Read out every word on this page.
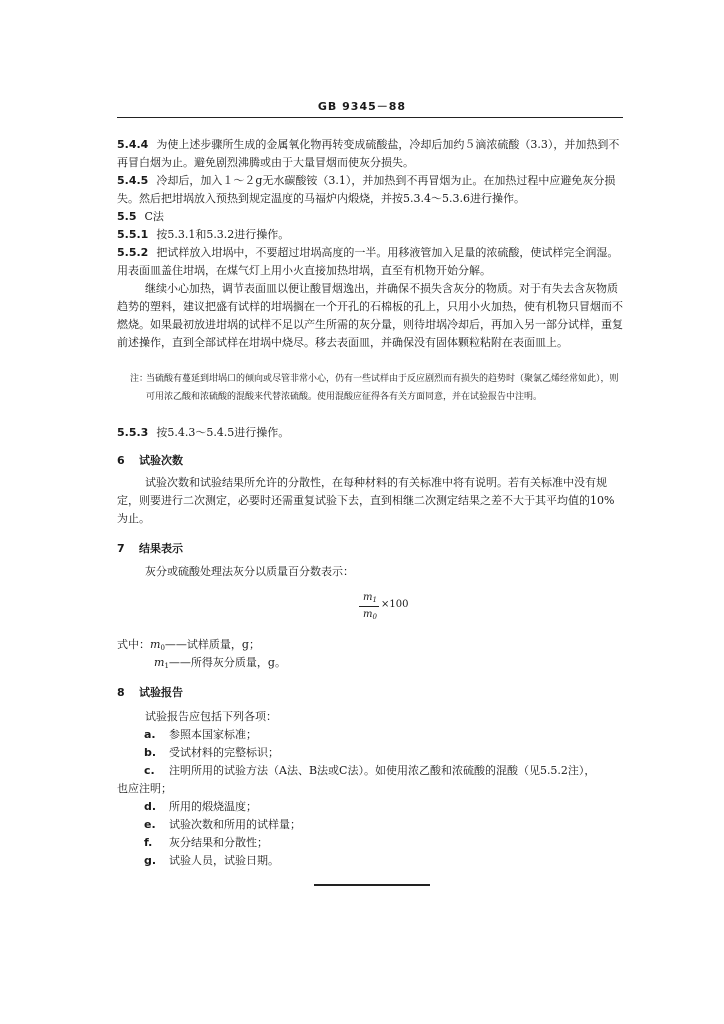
GB 9345－88

5.4.4 为使上述步骤所生成的金属氧化物再转变成硫酸盐，冷却后加约５滴浓硫酸（3.3），并加热到不再冒白烟为止。避免剧烈沸腾或由于大量冒烟而使灰分损失。

5.4.5 冷却后，加入１～２g无水碳酸铵（3.1），并加热到不再冒烟为止。在加热过程中应避免灰分损失。然后把坩埚放入预热到规定温度的马福炉内煅烧，并按5.3.4～5.3.6进行操作。

5.5 C法

5.5.1 按5.3.1和5.3.2进行操作。

5.5.2 把试样放入坩埚中，不要超过坩埚高度的一半。用移液管加入足量的浓硫酸，使试样完全润湿。用表面皿盖住坩埚，在煤气灯上用小火直接加热坩埚，直至有机物开始分解。

继续小心加热，调节表面皿以便让酸冒烟逸出，并确保不损失含灰分的物质。对于有失去含灰物质趋势的塑料，建议把盛有试样的坩埚搁在一个开孔的石棉板的孔上，只用小火加热，使有机物只冒烟而不燃烧。如果最初放进坩埚的试样不足以产生所需的灰分量，则待坩埚冷却后，再加入另一部分试样，重复前述操作，直到全部试样在坩埚中烧尽。移去表面皿，并确保没有固体颗粒粘附在表面皿上。

注：
当硫酸有蔓延到坩埚口的倾向或尽管非常小心，仍有一些试样由于反应剧烈而有损失的趋势时（聚氯乙烯经常如此），则可用浓乙酸和浓硫酸的混酸来代替浓硫酸。使用混酸应征得各有关方面同意，并在试验报告中注明。

5.5.3 按5.4.3～5.4.5进行操作。

6 试验次数

试验次数和试验结果所允许的分散性，在每种材料的有关标准中将有说明。若有关标准中没有规定，则要进行二次测定，必要时还需重复试验下去，直到相继二次测定结果之差不大于其平均值的10%为止。

7 结果表示

灰分或硫酸处理法灰分以质量百分数表示：

$m_1$
$m_0$
×100
式中：$m_0——$试样质量，g；
$m_1——$所得灰分质量，g。
8 试验报告

试验报告应包括下列各项：

a. 参照本国家标准；
b. 受试材料的完整标识；
c. 注明所用的试验方法（A法、B法或C法）。如使用浓乙酸和浓硫酸的混酸（见5.5.2注），
也应注明；
d. 所用的煅烧温度；
e. 试验次数和所用的试样量；
f. 灰分结果和分散性；
g. 试验人员，试验日期。
